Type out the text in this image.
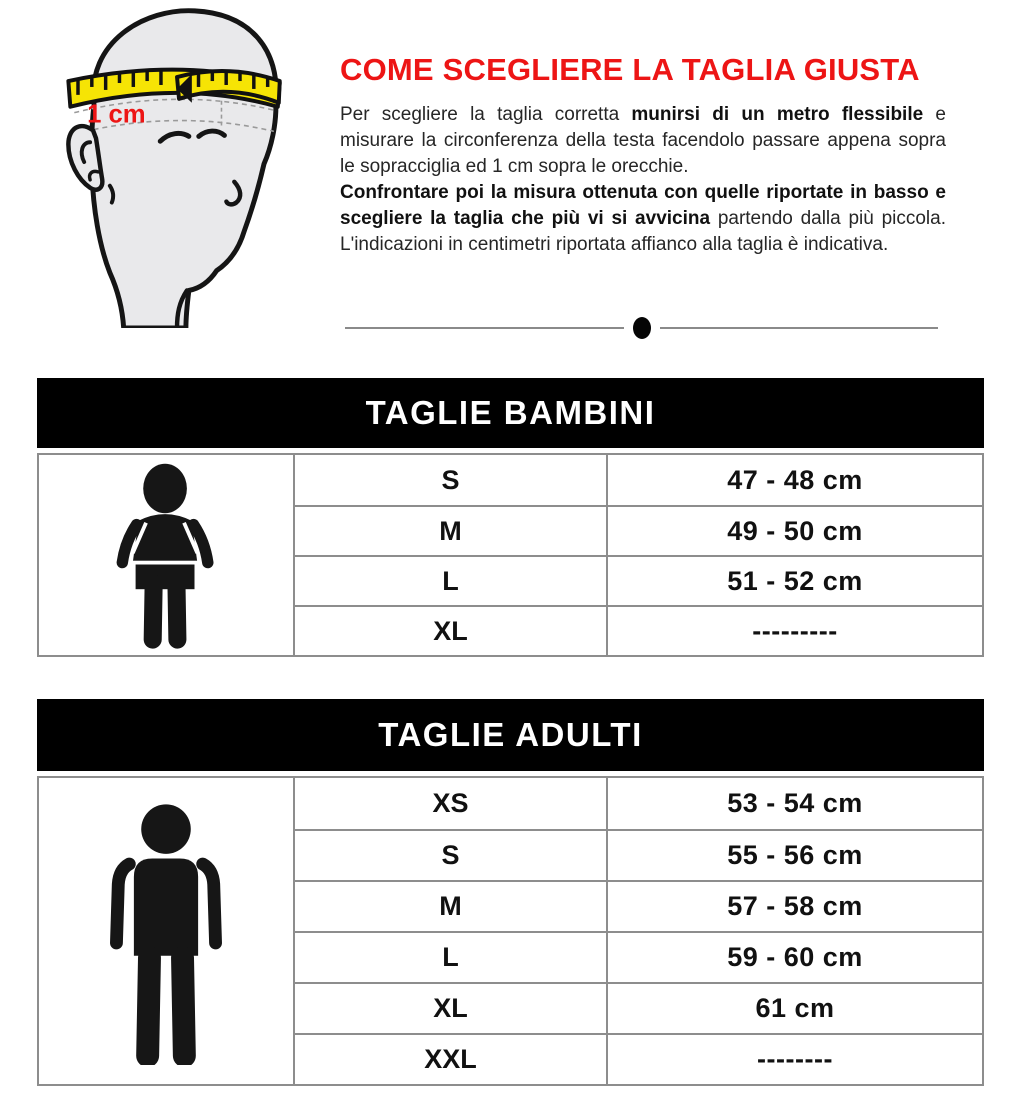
1 cm
COME SCEGLIERE LA TAGLIA GIUSTA

Per scegliere la taglia corretta munirsi di un metro flessibile e misurare la circonferenza della testa facendolo passare appena sopra le sopracciglia ed 1 cm sopra le orecchie.

Confrontare poi la misura ottenuta con quelle riportate in basso e scegliere la taglia che più vi si avvicina partendo dalla più piccola. L'indicazioni in centimetri riportata affianco alla taglia è indicativa.

TAGLIE BAMBINI
S	47 - 48 cm
M	49 - 50 cm
L	51 - 52 cm
XL	---------
TAGLIE ADULTI
XS	53 - 54 cm
S	55 - 56 cm
M	57 - 58 cm
L	59 - 60 cm
XL	61 cm
XXL	--------
